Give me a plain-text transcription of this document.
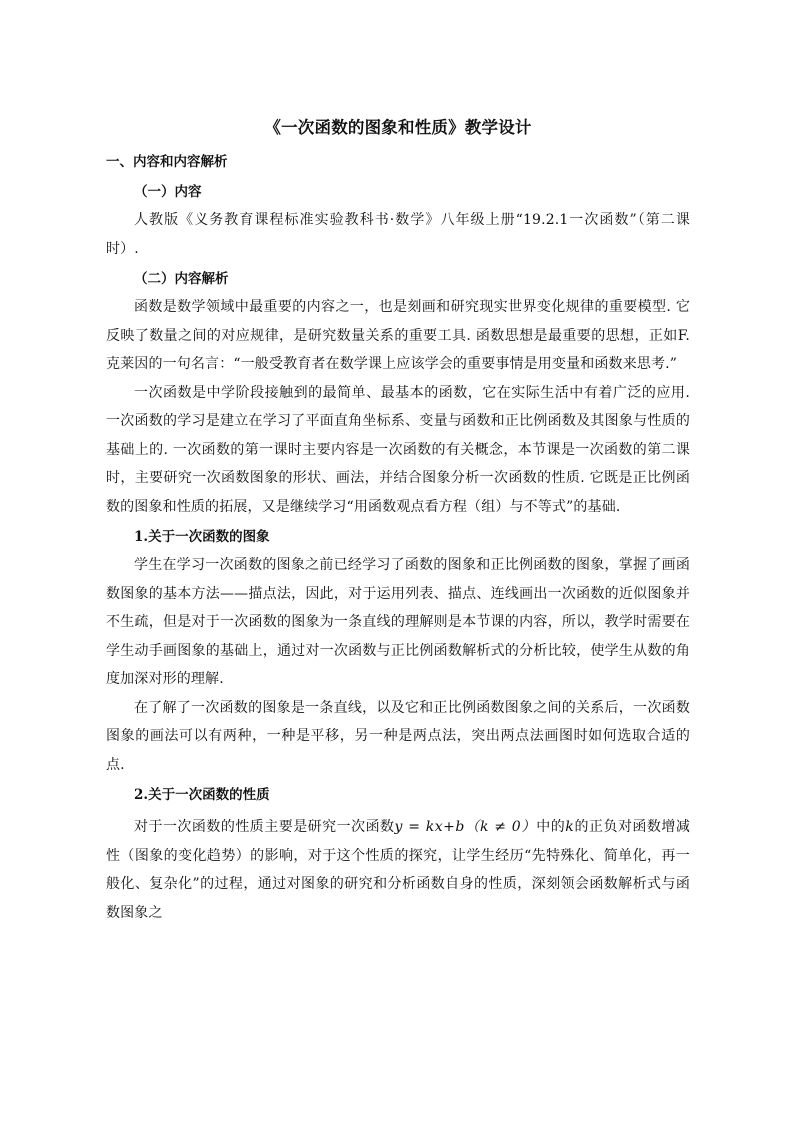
《一次函数的图象和性质》教学设计
一、内容和内容解析
（一）内容

人教版《义务教育课程标准实验教科书·数学》八年级上册“19.2.1一次函数”（第二课时）.

（二）内容解析

函数是数学领域中最重要的内容之一，也是刻画和研究现实世界变化规律的重要模型. 它反映了数量之间的对应规律，是研究数量关系的重要工具. 函数思想是最重要的思想，正如F.克莱因的一句名言：“一般受教育者在数学课上应该学会的重要事情是用变量和函数来思考.”

一次函数是中学阶段接触到的最简单、最基本的函数，它在实际生活中有着广泛的应用. 一次函数的学习是建立在学习了平面直角坐标系、变量与函数和正比例函数及其图象与性质的基础上的. 一次函数的第一课时主要内容是一次函数的有关概念，本节课是一次函数的第二课时，主要研究一次函数图象的形状、画法，并结合图象分析一次函数的性质. 它既是正比例函数的图象和性质的拓展，又是继续学习“用函数观点看方程（组）与不等式”的基础.

1.关于一次函数的图象

学生在学习一次函数的图象之前已经学习了函数的图象和正比例函数的图象，掌握了画函数图象的基本方法——描点法，因此，对于运用列表、描点、连线画出一次函数的近似图象并不生疏，但是对于一次函数的图象为一条直线的理解则是本节课的内容，所以，教学时需要在学生动手画图象的基础上，通过对一次函数与正比例函数解析式的分析比较，使学生从数的角度加深对形的理解.

在了解了一次函数的图象是一条直线，以及它和正比例函数图象之间的关系后，一次函数图象的画法可以有两种，一种是平移，另一种是两点法，突出两点法画图时如何选取合适的点.

2.关于一次函数的性质

对于一次函数的性质主要是研究一次函数y = kx+b（k ≠ 0）中的k的正负对函数增减性（图象的变化趋势）的影响，对于这个性质的探究，让学生经历“先特殊化、简单化，再一般化、复杂化”的过程，通过对图象的研究和分析函数自身的性质，深刻领会函数解析式与函数图象之
